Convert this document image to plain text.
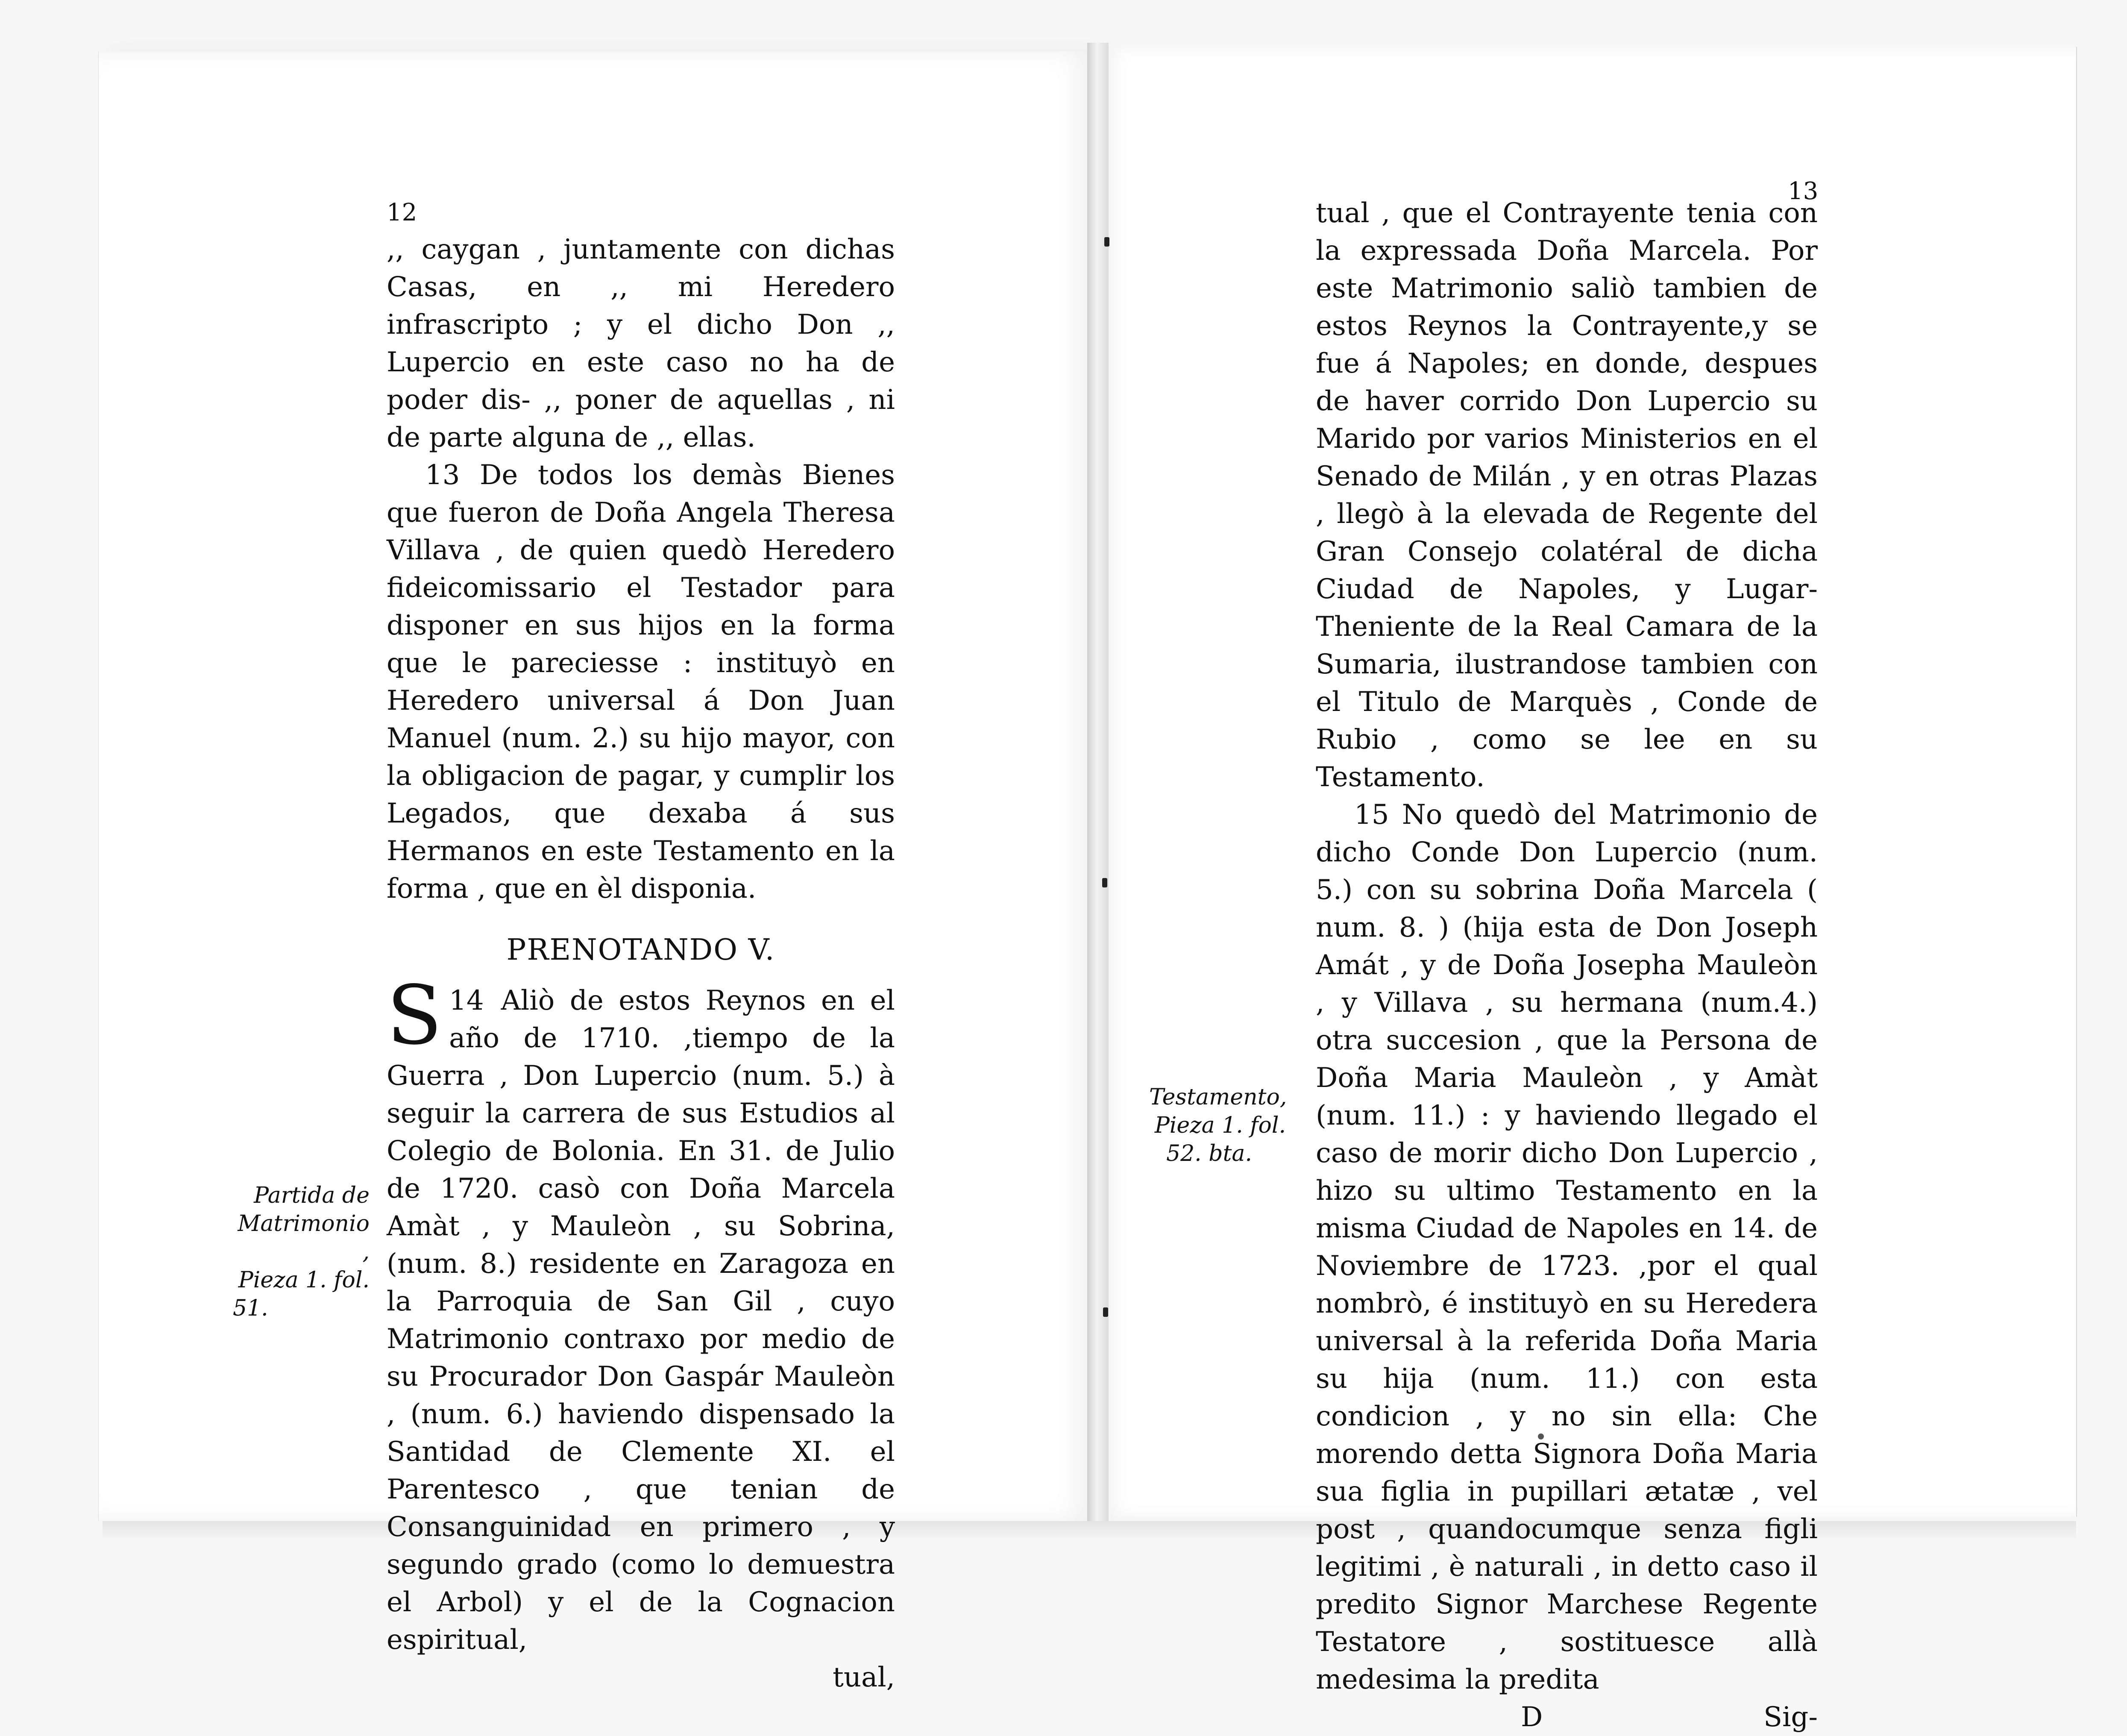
12

,, caygan , juntamente con dichas Casas, en ,, mi Heredero infrascripto ; y el dicho Don ,, Lupercio en este caso no ha de poder dis- ,, poner de aquellas , ni de parte alguna de ,, ellas.

13 De todos los demàs Bienes que fueron de Doña Angela Theresa Villava , de quien quedò Heredero fideicomissario el Testador para disponer en sus hijos en la forma que le pareciesse : instituyò en Heredero universal á Don Juan Manuel (num. 2.) su hijo mayor, con la obligacion de pagar, y cumplir los Legados, que dexaba á sus Hermanos en este Testamento en la forma , que en èl disponia.

PRENOTANDO V.

14
S Aliò de estos Reynos en el año de 1710. ,tiempo de la Guerra , Don Lupercio (num. 5.) à seguir la carrera de sus Estudios al Colegio de Bolonia. En 31. de Julio de 1720. casò con Doña Marcela Amàt , y Mauleòn , su Sobrina, (num. 8.) residente en Zaragoza en la Parroquia de San Gil , cuyo Matrimonio contraxo por medio de su Procurador Don Gaspár Mauleòn , (num. 6.) haviendo dispensado la Santidad de Clemente XI. el Parentesco , que tenian de Consanguinidad en primero , y segundo grado (como lo demuestra el Arbol) y el de la Cognacion espiritual,

tual,

Partida de
Matrimonio ,
Pieza 1. fol.
51.
13

tual , que el Contrayente tenia con la expressada Doña Marcela. Por este Matrimonio saliò tambien de estos Reynos la Contrayente,y se fue á Napoles; en donde, despues de haver corrido Don Lupercio su Marido por varios Ministerios en el Senado de Milán , y en otras Plazas , llegò à la elevada de Regente del Gran Consejo colatéral de dicha Ciudad de Napoles, y Lugar-Theniente de la Real Camara de la Sumaria, ilustrandose tambien con el Titulo de Marquès , Conde de Rubio , como se lee en su Testamento.

15 No quedò del Matrimonio de dicho Conde Don Lupercio (num. 5.) con su sobrina Doña Marcela ( num. 8. ) (hija esta de Don Joseph Amát , y de Doña Josepha Mauleòn , y Villava , su hermana (num.4.) otra succesion , que la Persona de Doña Maria Mauleòn , y Amàt (num. 11.) : y haviendo llegado el caso de morir dicho Don Lupercio , hizo su ultimo Testamento en la misma Ciudad de Napoles en 14. de Noviembre de 1723. ,por el qual nombrò, é instituyò en su Heredera universal à la referida Doña Maria su hija (num. 11.) con esta condicion , y no sin ella: Che morendo detta Signora Doña Maria sua figlia in pupillari ætatæ , vel post , quandocumque senza figli legitimi , è naturali , in detto caso il predito Signor Marchese Regente Testatore , sostituesce allà medesima la predita

D	Sig-

Testamento,
Pieza 1. fol.
52. bta.
